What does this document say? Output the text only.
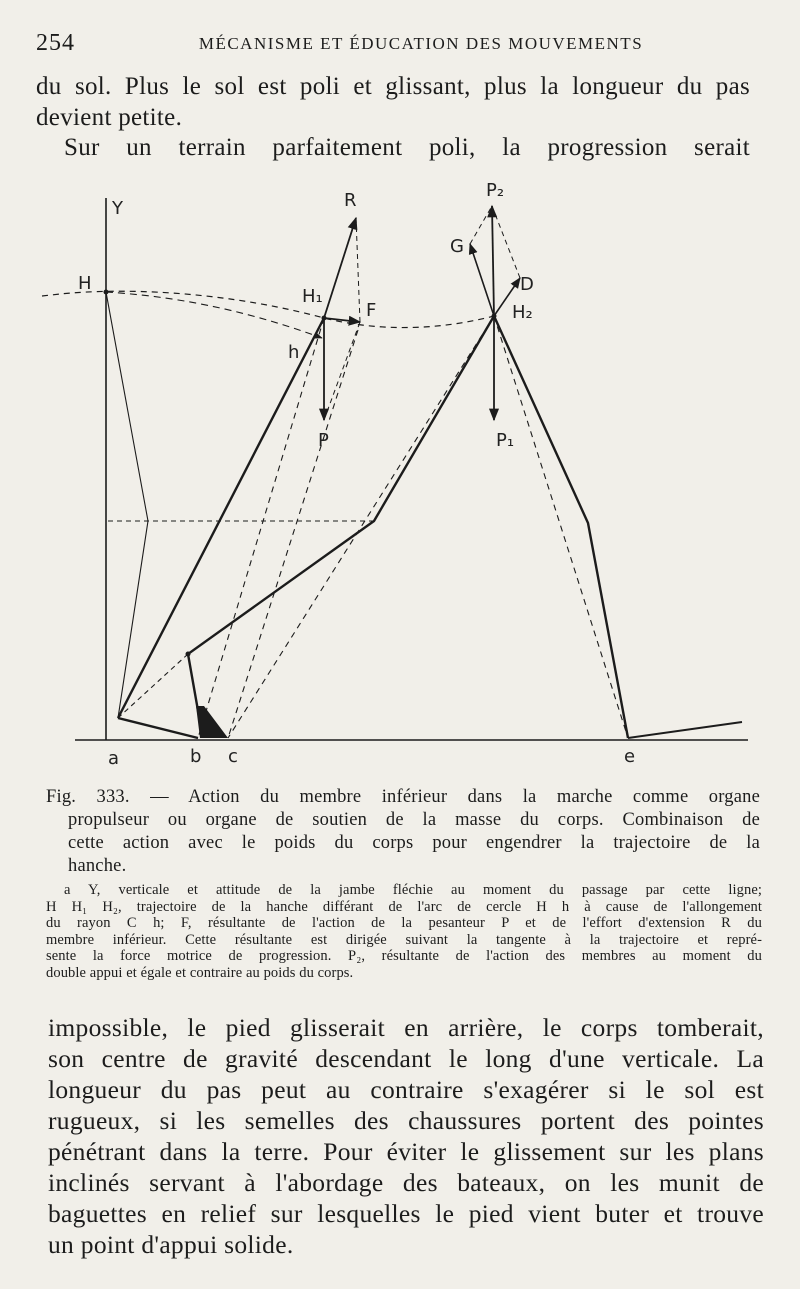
254	MÉCANISME ET ÉDUCATION DES MOUVEMENTS
du sol. Plus le sol est poli et glissant, plus la longueur du pas
devient petite.
Sur un terrain parfaitement poli, la progression serait
Y
H
H₁
H₂
R
F
h
P	P₁
P₂
G
D
a	b c	e
Fig. 333. — Action du membre inférieur dans la marche comme organe
propulseur ou organe de soutien de la masse du corps. Combinaison de
cette action avec le poids du corps pour engendrer la trajectoire de la
hanche.
a Y, verticale et attitude de la jambe fléchie au moment du passage par cette ligne;
H H₁ H₂, trajectoire de la hanche différant de l'arc de cercle H h à cause de l'allongement
du rayon C h; F, résultante de l'action de la pesanteur P et de l'effort d'extension R du
membre inférieur. Cette résultante est dirigée suivant la tangente à la trajectoire et repré-
sente la force motrice de progression. P₂, résultante de l'action des membres au moment du
double appui et égale et contraire au poids du corps.
impossible, le pied glisserait en arrière, le corps tomberait,
son centre de gravité descendant le long d'une verticale. La
longueur du pas peut au contraire s'exagérer si le sol est
rugueux, si les semelles des chaussures portent des pointes
pénétrant dans la terre. Pour éviter le glissement sur les plans
inclinés servant à l'abordage des bateaux, on les munit de
baguettes en relief sur lesquelles le pied vient buter et trouve
un point d'appui solide.
